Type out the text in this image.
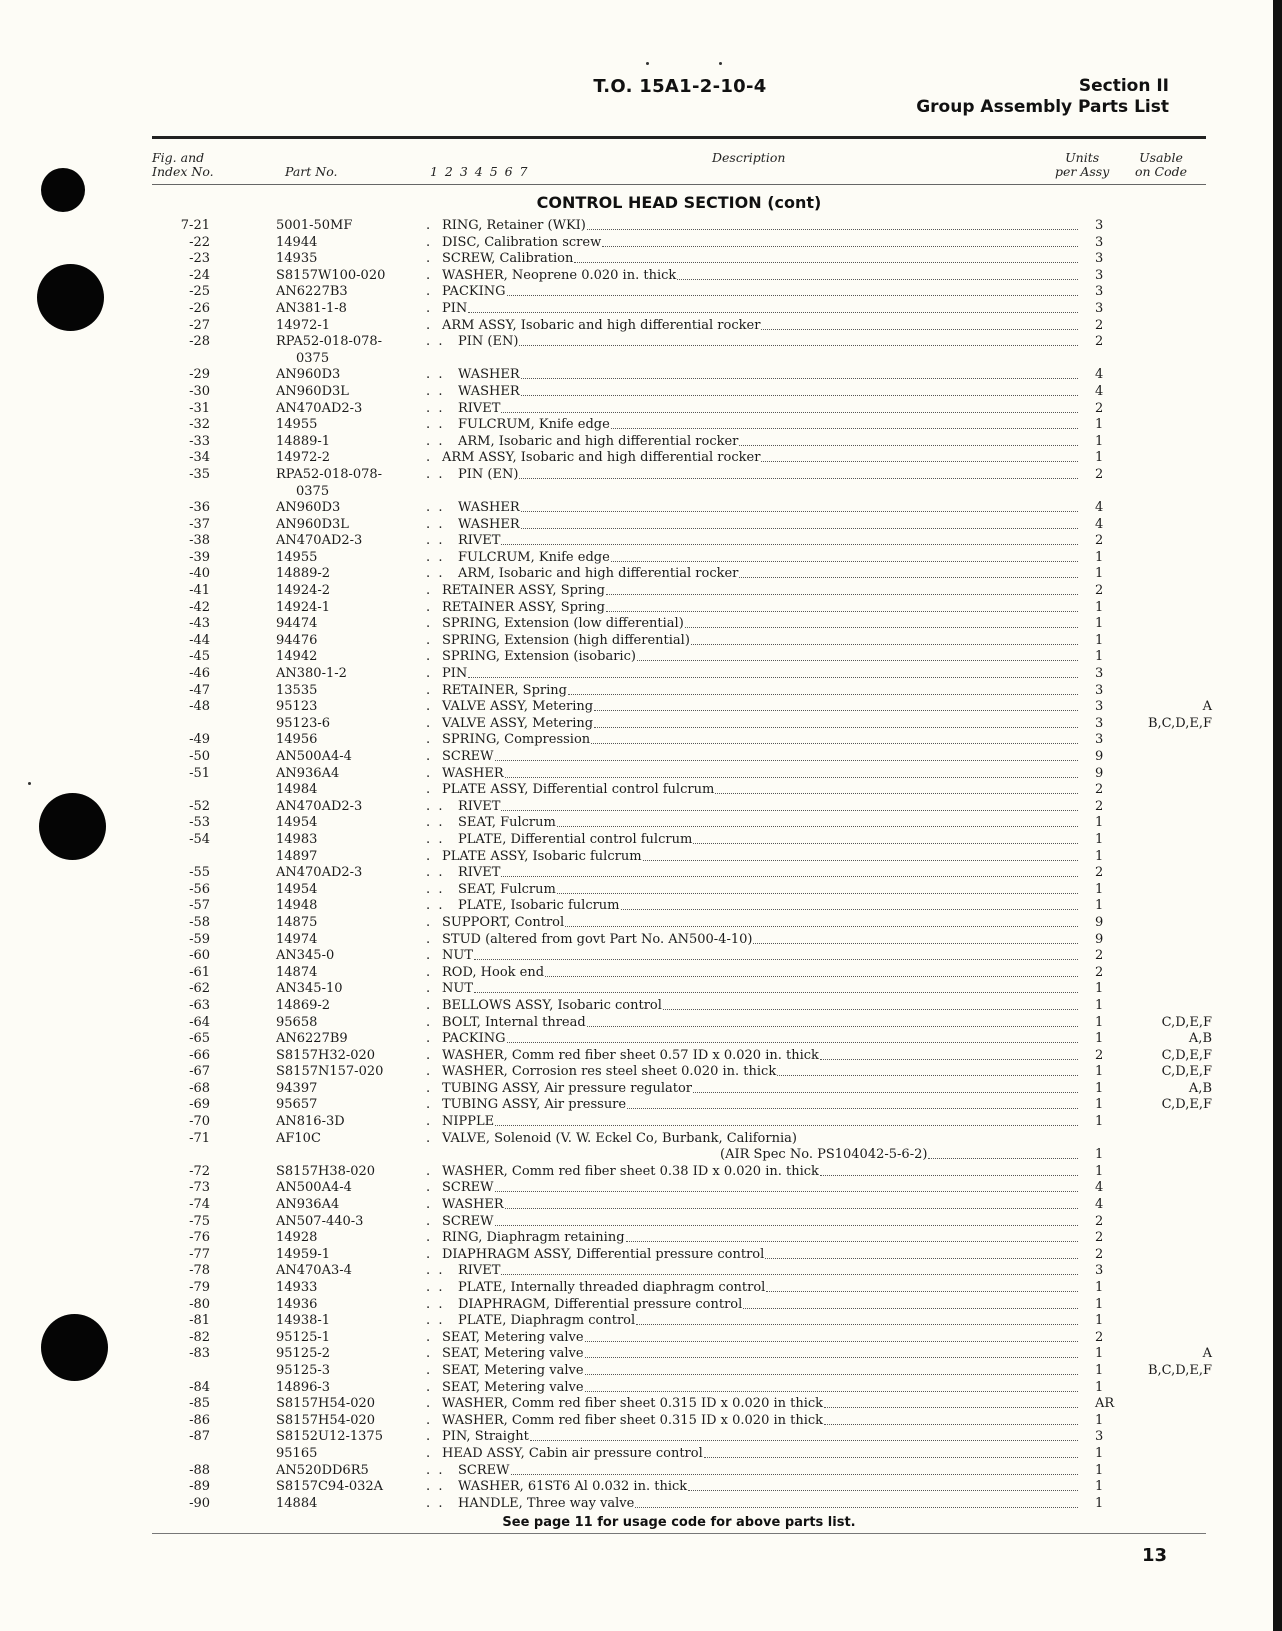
T.O. 15A1-2-10-4	Section II
Group Assembly Parts List
Fig. and
Index No.	Part No.	1 2 3 4 5 6 7
Description	Units
per Assy
Usable
on Code
CONTROL HEAD SECTION (cont)
7-21	5001-50MF	. RING, Retainer (WKI)	3
-22	14944	. DISC, Calibration screw	3
-23	14935	. SCREW, Calibration	3
-24	S8157W100-020	. WASHER, Neoprene 0.020 in. thick	3
-25	AN6227B3	. PACKING	3
-26	AN381-1-8	. PIN	3
-27	14972-1	. ARM ASSY, Isobaric and high differential rocker	2
-28	RPA52-018-078-	.  . PIN (EN)	2
0375
-29	AN960D3	.  . WASHER	4
-30	AN960D3L	.  . WASHER	4
-31	AN470AD2-3	.  . RIVET	2
-32	14955	.  . FULCRUM, Knife edge	1
-33	14889-1	.  . ARM, Isobaric and high differential rocker	1
-34	14972-2	. ARM ASSY, Isobaric and high differential rocker	1
-35	RPA52-018-078-	.  . PIN (EN)	2
0375
-36	AN960D3	.  . WASHER	4
-37	AN960D3L	.  . WASHER	4
-38	AN470AD2-3	.  . RIVET	2
-39	14955	.  . FULCRUM, Knife edge	1
-40	14889-2	.  . ARM, Isobaric and high differential rocker	1
-41	14924-2	. RETAINER ASSY, Spring	2
-42	14924-1	. RETAINER ASSY, Spring	1
-43	94474	. SPRING, Extension (low differential)	1
-44	94476	. SPRING, Extension (high differential)	1
-45	14942	. SPRING, Extension (isobaric)	1
-46	AN380-1-2	. PIN	3
-47	13535	. RETAINER, Spring	3
-48	95123	. VALVE ASSY, Metering	3	A
95123-6	. VALVE ASSY, Metering	3	B,C,D,E,F
-49	14956	. SPRING, Compression	3
-50	AN500A4-4	. SCREW	9
-51	AN936A4	. WASHER	9
14984	. PLATE ASSY, Differential control fulcrum	2
-52	AN470AD2-3	.  . RIVET	2
-53	14954	.  . SEAT, Fulcrum	1
-54	14983	.  . PLATE, Differential control fulcrum	1
14897	. PLATE ASSY, Isobaric fulcrum	1
-55	AN470AD2-3	.  . RIVET	2
-56	14954	.  . SEAT, Fulcrum	1
-57	14948	.  . PLATE, Isobaric fulcrum	1
-58	14875	. SUPPORT, Control	9
-59	14974	. STUD (altered from govt Part No. AN500-4-10)	9
-60	AN345-0	. NUT	2
-61	14874	. ROD, Hook end	2
-62	AN345-10	. NUT	1
-63	14869-2	. BELLOWS ASSY, Isobaric control	1
-64	95658	. BOLT, Internal thread	1	C,D,E,F
-65	AN6227B9	. PACKING	1	A,B
-66	S8157H32-020	. WASHER, Comm red fiber sheet 0.57 ID x 0.020 in. thick	2	C,D,E,F
-67	S8157N157-020	. WASHER, Corrosion res steel sheet 0.020 in. thick	1	C,D,E,F
-68	94397	. TUBING ASSY, Air pressure regulator	1	A,B
-69	95657	. TUBING ASSY, Air pressure	1	C,D,E,F
-70	AN816-3D	. NIPPLE	1
-71	AF10C	. VALVE, Solenoid (V. W. Eckel Co, Burbank, California)
(AIR Spec No. PS104042-5-6-2)	1
-72	S8157H38-020	. WASHER, Comm red fiber sheet 0.38 ID x 0.020 in. thick	1
-73	AN500A4-4	. SCREW	4
-74	AN936A4	. WASHER	4
-75	AN507-440-3	. SCREW	2
-76	14928	. RING, Diaphragm retaining	2
-77	14959-1	. DIAPHRAGM ASSY, Differential pressure control	2
-78	AN470A3-4	.  . RIVET	3
-79	14933	.  . PLATE, Internally threaded diaphragm control	1
-80	14936	.  . DIAPHRAGM, Differential pressure control	1
-81	14938-1	.  . PLATE, Diaphragm control	1
-82	95125-1	. SEAT, Metering valve	2
-83	95125-2	. SEAT, Metering valve	1	A
95125-3	. SEAT, Metering valve	1	B,C,D,E,F
-84	14896-3	. SEAT, Metering valve	1
-85	S8157H54-020	. WASHER, Comm red fiber sheet 0.315 ID x 0.020 in thick	AR
-86	S8157H54-020	. WASHER, Comm red fiber sheet 0.315 ID x 0.020 in thick	1
-87	S8152U12-1375	. PIN, Straight	3
95165	. HEAD ASSY, Cabin air pressure control	1
-88	AN520DD6R5	.  . SCREW	1
-89	S8157C94-032A	.  . WASHER, 61ST6 Al 0.032 in. thick	1
-90	14884	.  . HANDLE, Three way valve	1
See page 11 for usage code for above parts list.
13
